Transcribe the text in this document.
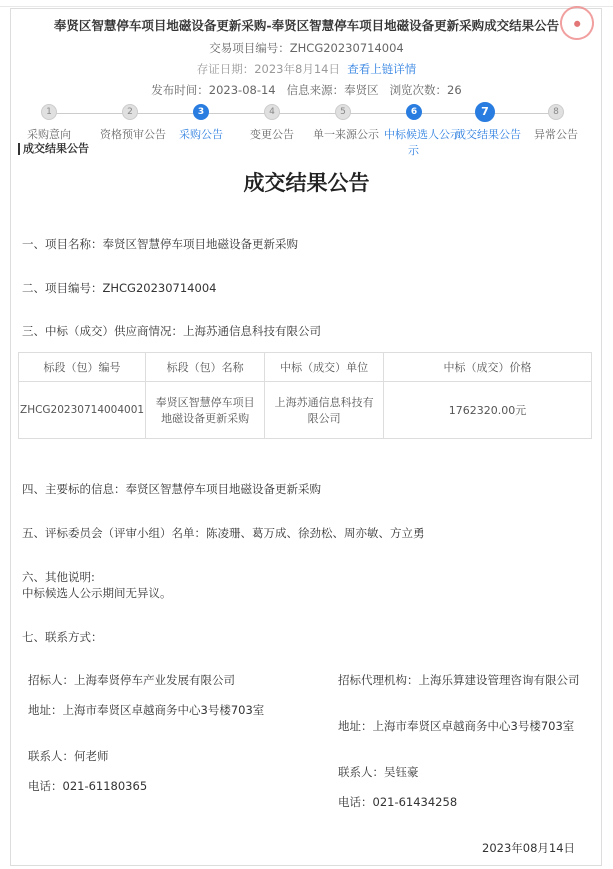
●
奉贤区智慧停车项目地磁设备更新采购-奉贤区智慧停车项目地磁设备更新采购成交结果公告
交易项目编号：ZHCG20230714004
存证日期：2023年8月14日 查看上链详情
发布时间：2023-08-14 信息来源：奉贤区 浏览次数：26
1
采购意向
2
资格预审公告
3
采购公告
4
变更公告
5
单一来源公示
6
中标候选人公示
7
成交结果公告
8
异常公告
示
成交结果公告
成交结果公告
一、项目名称：奉贤区智慧停车项目地磁设备更新采购
二、项目编号：ZHCG20230714004
三、中标（成交）供应商情况：上海苏通信息科技有限公司
标段（包）编号	标段（包）名称	中标（成交）单位	中标（成交）价格
ZHCG20230714004001	奉贤区智慧停车项目地磁设备更新采购	上海苏通信息科技有限公司	1762320.00元
四、主要标的信息：奉贤区智慧停车项目地磁设备更新采购
五、评标委员会（评审小组）名单：陈凌珊、葛万成、徐劲松、周亦敏、方立勇
六、其他说明:
中标候选人公示期间无异议。
七、联系方式：
招标人：上海奉贤停车产业发展有限公司
地址：上海市奉贤区卓越商务中心3号楼703室
联系人：何老师
电话：021-61180365
招标代理机构：上海乐算建设管理咨询有限公司
地址：上海市奉贤区卓越商务中心3号楼703室
联系人：吴钰豪
电话：021-61434258
2023年08月14日
